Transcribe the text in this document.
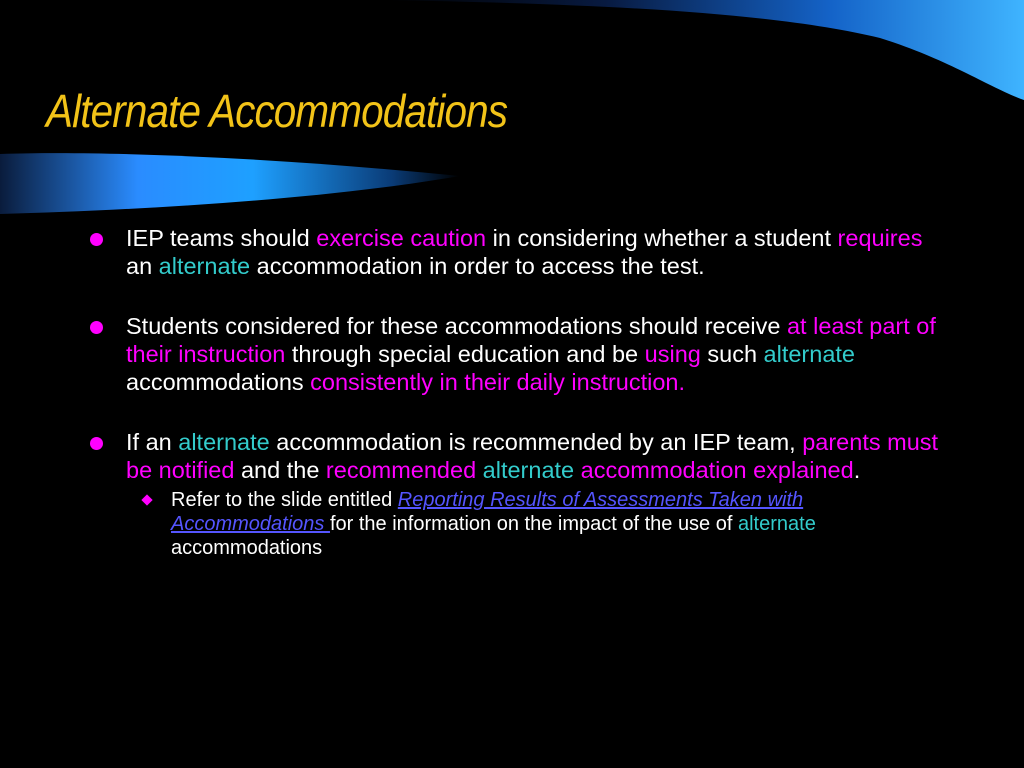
Alternate Accommodations
IEP teams should exercise caution in considering whether a student requires an alternate accommodation in order to access the test.
Students considered for these accommodations should receive at least part of their instruction through special education and be using such alternate accommodations consistently in their daily instruction.
If an alternate accommodation is recommended by an IEP team, parents must be notified and the recommended alternate accommodation explained.
Refer to the slide entitled Reporting Results of Assessments Taken with Accommodations for the information on the impact of the use of alternate accommodations
